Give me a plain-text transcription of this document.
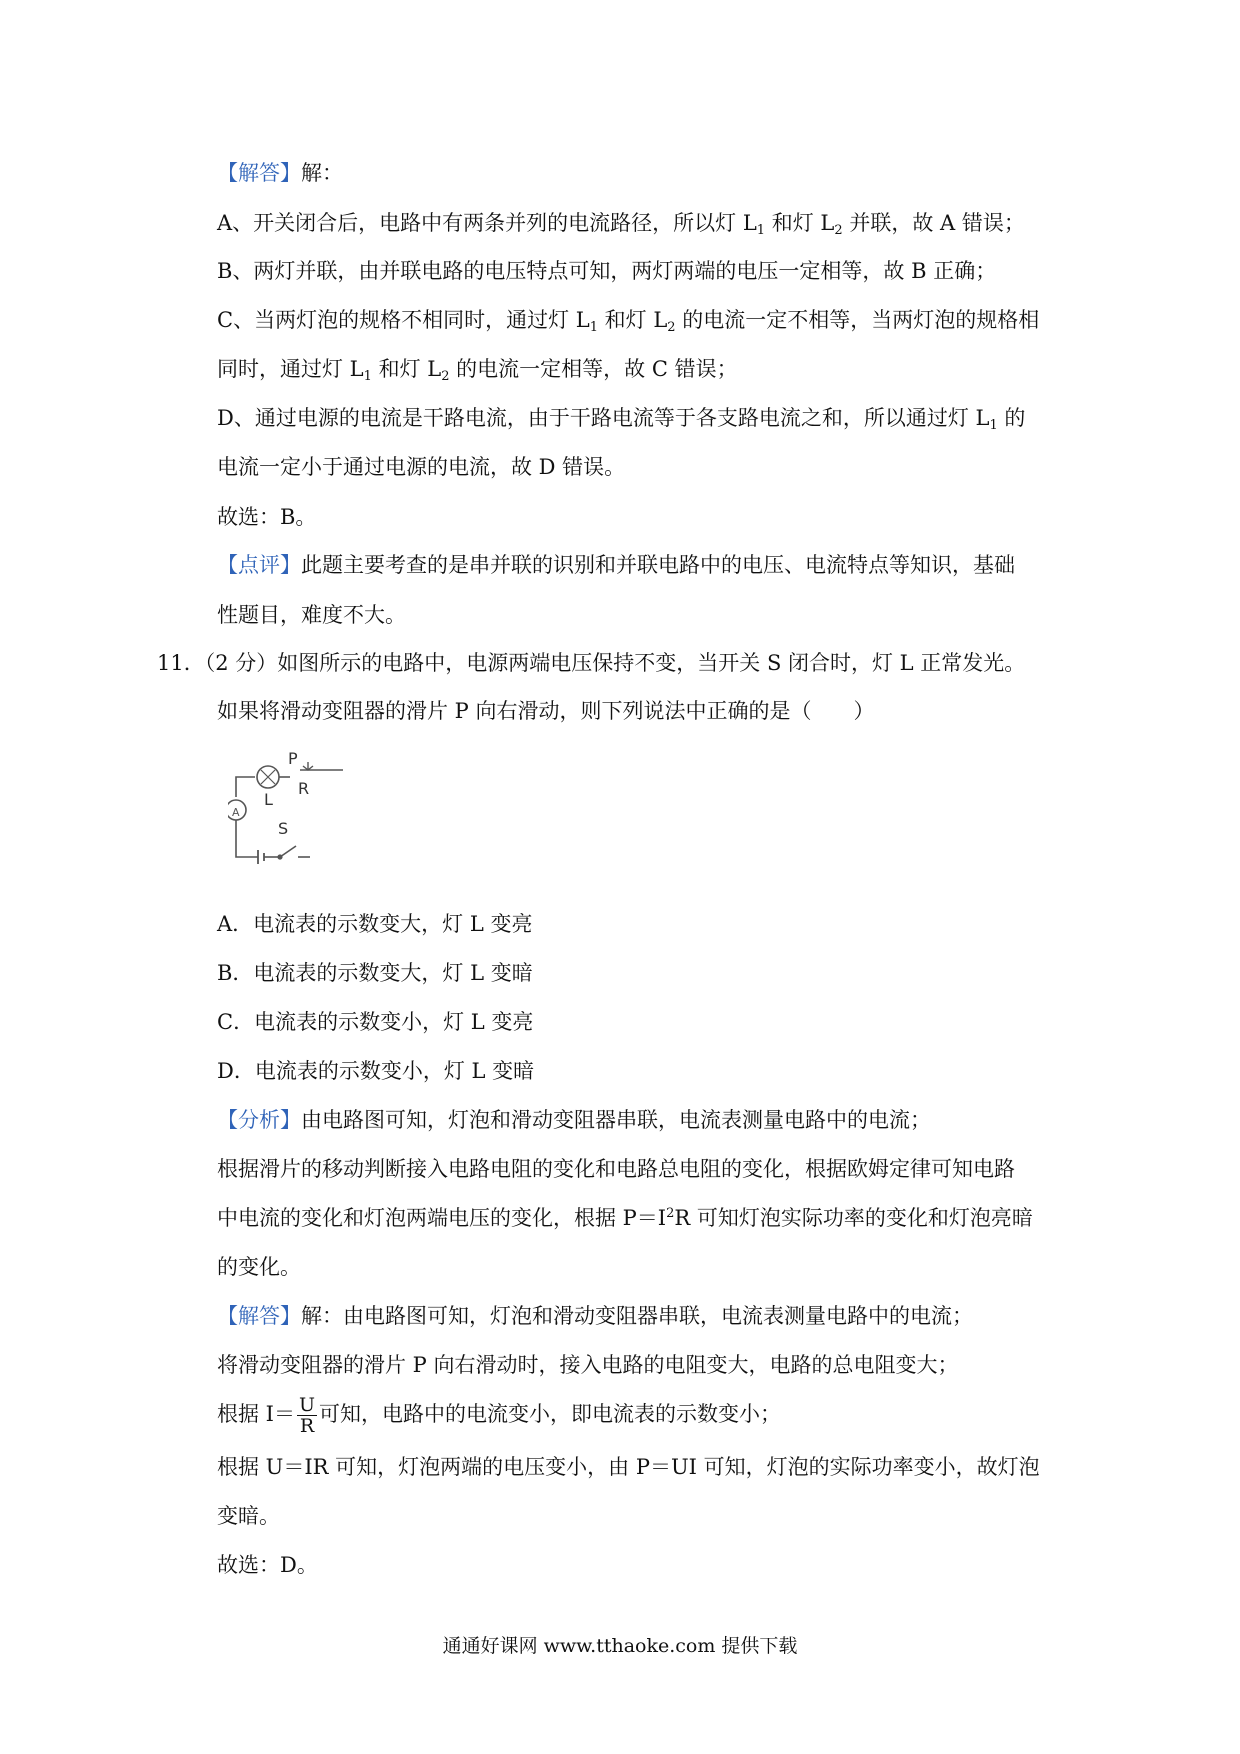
【解答】解：
A、开关闭合后，电路中有两条并列的电流路径，所以灯 $L_1$ 和灯 $L_2$ 并联，故 A 错误；
B、两灯并联，由并联电路的电压特点可知，两灯两端的电压一定相等，故 B 正确；
C、当两灯泡的规格不相同时，通过灯 $L_1$ 和灯 $L_2$ 的电流一定不相等，当两灯泡的规格相
同时，通过灯 $L_1$ 和灯 $L_2$ 的电流一定相等，故 C 错误；
D、通过电源的电流是干路电流，由于干路电流等于各支路电流之和，所以通过灯 $L_1$ 的
电流一定小于通过电源的电流，故 D 错误。
故选：B。
【点评】此题主要考查的是串并联的识别和并联电路中的电压、电流特点等知识，基础
性题目，难度不大。
11．（2 分）如图所示的电路中，电源两端电压保持不变，当开关 S 闭合时，灯 L 正常发光。
如果将滑动变阻器的滑片 P 向右滑动，则下列说法中正确的是（　　）
A
P
R
L
S
A．电流表的示数变大，灯 L 变亮
B．电流表的示数变大，灯 L 变暗
C．电流表的示数变小，灯 L 变亮
D．电流表的示数变小，灯 L 变暗
【分析】由电路图可知，灯泡和滑动变阻器串联，电流表测量电路中的电流；
根据滑片的移动判断接入电路电阻的变化和电路总电阻的变化，根据欧姆定律可知电路
中电流的变化和灯泡两端电压的变化，根据 $P=I^2R$ 可知灯泡实际功率的变化和灯泡亮暗
的变化。
【解答】解：由电路图可知，灯泡和滑动变阻器串联，电流表测量电路中的电流；
将滑动变阻器的滑片 P 向右滑动时，接入电路的电阻变大，电路的总电阻变大；
根据 $I= \frac{U}{R}$ 可知，电路中的电流变小，即电流表的示数变小；
根据 U＝IR 可知，灯泡两端的电压变小，由 P＝UI 可知，灯泡的实际功率变小，故灯泡
变暗。
故选：D。
通通好课网 www.tthaoke.com 提供下载
